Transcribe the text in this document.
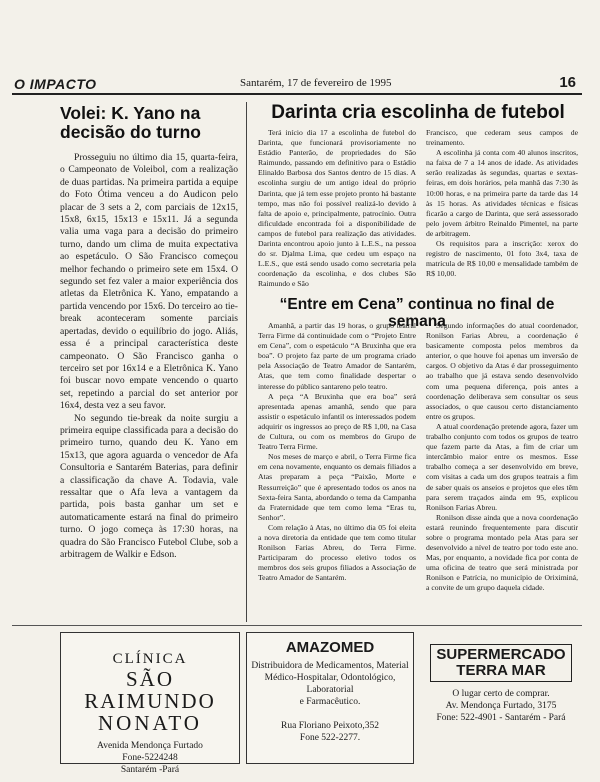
O IMPACTO	Santarém, 17 de fevereiro de 1995	16
Volei: K. Yano na decisão do turno

Prosseguiu no último dia 15, quarta-feira, o Campeonato de Voleibol, com a realização de duas partidas. Na primeira partida a equipe do Foto Ótima venceu a do Audicon pelo placar de 3 sets a 2, com parciais de 12x15, 15x8, 6x15, 15x13 e 15x11. Já a segunda valia uma vaga para a decisão do primeiro turno, dando um clima de muita expectativa ao espetáculo. O São Francisco começou melhor fechando o primeiro sete em 15x4. O segundo set fez valer a maior experiência dos atletas da Eletrônica K. Yano, empatando a partida vencendo por 15x6. Do terceiro ao tie-break aconteceram somente parciais apertadas, devido o equilíbrio do jogo. Aliás, essa é a principal característica deste campeonato. O São Francisco ganha o terceiro set por 16x14 e a Eletrônica K. Yano foi buscar novo empate vencendo o quarto set, repetindo a parcial do set anterior por 16x4, desta vez a seu favor.

No segundo tie-break da noite surgiu a primeira equipe classificada para a decisão do primeiro turno, quando deu K. Yano em 15x13, que agora aguarda o vencedor de Afa Consultoria e Santarém Baterias, para definir a classificação da chave A. Todavia, vale ressaltar que o Afa leva a vantagem da partida, pois basta ganhar um set e automaticamente estará na final do primeiro turno. O jogo começa às 17:30 horas, na quadra do São Francisco Futebol Clube, sob a arbitragem de Walkir e Edson.

Darinta cria escolinha de futebol

Terá início dia 17 a escolinha de futebol do Darinta, que funcionará provisoriamente no Estádio Panterão, de propriedades do São Raimundo, passando em definitivo para o Estádio Elinaldo Barbosa dos Santos dentro de 15 dias. A escolinha surgiu de um antigo ideal do próprio Darinta, que já tem esse projeto pronto há bastante tempo, mas não foi possível realizá-lo devido à falta de apoio e, principalmente, patrocínio. Outra dificuldade encontrada foi a disponibilidade de campos de futebol para realização das atividades. Darinta encontrou apoio junto à L.E.S., na pessoa do sr. Djalma Lima, que cedeu um espaço na L.E.S., que está sendo usado como secretaria pela coordenação da escolinha, e dos clubes São Raimundo e São

Francisco, que cederam seus campos de treinamento.

A escolinha já conta com 40 alunos inscritos, na faixa de 7 a 14 anos de idade. As atividades serão realizadas às segundas, quartas e sextas-feiras, em dois horários, pela manhã das 7:30 às 10:00 horas, e na primeira parte da tarde das 14 às 15 horas. As atividades técnicas e físicas ficarão a cargo de Darinta, que será assessorado pelo jovem árbitro Reinaldo Pimentel, na parte de arbitragem.

Os requisitos para a inscrição: xerox do registro de nascimento, 01 foto 3x4, taxa de matrícula de R$ 10,00 e mensalidade também de R$ 10,00.

“Entre em Cena” continua no final de semana

Amanhã, a partir das 19 horas, o grupo teatral Terra Firme dá continuidade com o “Projeto Entre em Cena”, com o espetáculo “A Bruxinha que era boa”. O projeto faz parte de um programa criado pela Associação de Teatro Amador de Santarém, Atas, que tem como finalidade despertar o interesse do público santareno pelo teatro.

A peça “A Bruxinha que era boa” será apresentada apenas amanhã, sendo que para assistir o espetáculo infantil os interessados podem adquirir os ingressos ao preço de R$ 1,00, na Casa de Cultura, ou com os membros do Grupo de Teatro Terra Firme.

Nos meses de março e abril, o Terra Firme fica em cena novamente, enquanto os demais filiados a Atas preparam a peça “Paixão, Morte e Ressurreição” que é apresentado todos os anos na Sexta-feira Santa, abordando o tema da Campanha da Fraternidade que tem como lema “Eras tu, Senhor”.

Com relação à Atas, no último dia 05 foi eleita a nova diretoria da entidade que tem como titular Ronilson Farias Abreu, do Terra Firme. Participaram do processo eletivo todos os membros dos seis grupos filiados a Associação de Teatro Amador de Santarém.

Segundo informações do atual coordenador, Ronilson Farias Abreu, a coordenação é basicamente composta pelos membros da anterior, o que houve foi apenas um inversão de cargos. O objetivo da Atas é dar prosseguimento ao trabalho que já estava sendo desenvolvido com uma pequena diferença, pois antes a coordenação deliberava sem consultar os seus associados, o que causou certo distanciamento entre os grupos.

A atual coordenação pretende agora, fazer um trabalho conjunto com todos os grupos de teatro que fazem parte da Atas, a fim de criar um intercâmbio maior entre os mesmos. Esse trabalho começa a ser desenvolvido em breve, com visitas a cada um dos grupos teatrais a fim de saber quais os anseios e projetos que eles têm para serem traçados ainda em 95, explicou Ronilson Farias Abreu.

Ronilson disse ainda que a nova coordenação estará reunindo frequentemente para discutir sobre o programa montado pela Atas para ser desenvolvido a nível de teatro por todo este ano. Mas, por enquanto, a novidade fica por conta de uma oficina de teatro que será ministrada por Ronilson e Patrícia, no município de Oriximiná, a convite de um grupo daquela cidade.

CLÍNICA
SÃO RAIMUNDO
NONATO
Avenida Mendonça Furtado
Fone-5224248
Santarém -Pará
AMAZOMED
Distribuidora de Medicamentos, Material
Médico-Hospitalar, Odontológico,
Laboratorial
e Farmacêutico.
Rua Floriano Peixoto,352
Fone 522-2277.
SUPERMERCADO
TERRA MAR
O lugar certo de comprar.
Av. Mendonça Furtado, 3175
Fone: 522-4901 - Santarém - Pará
